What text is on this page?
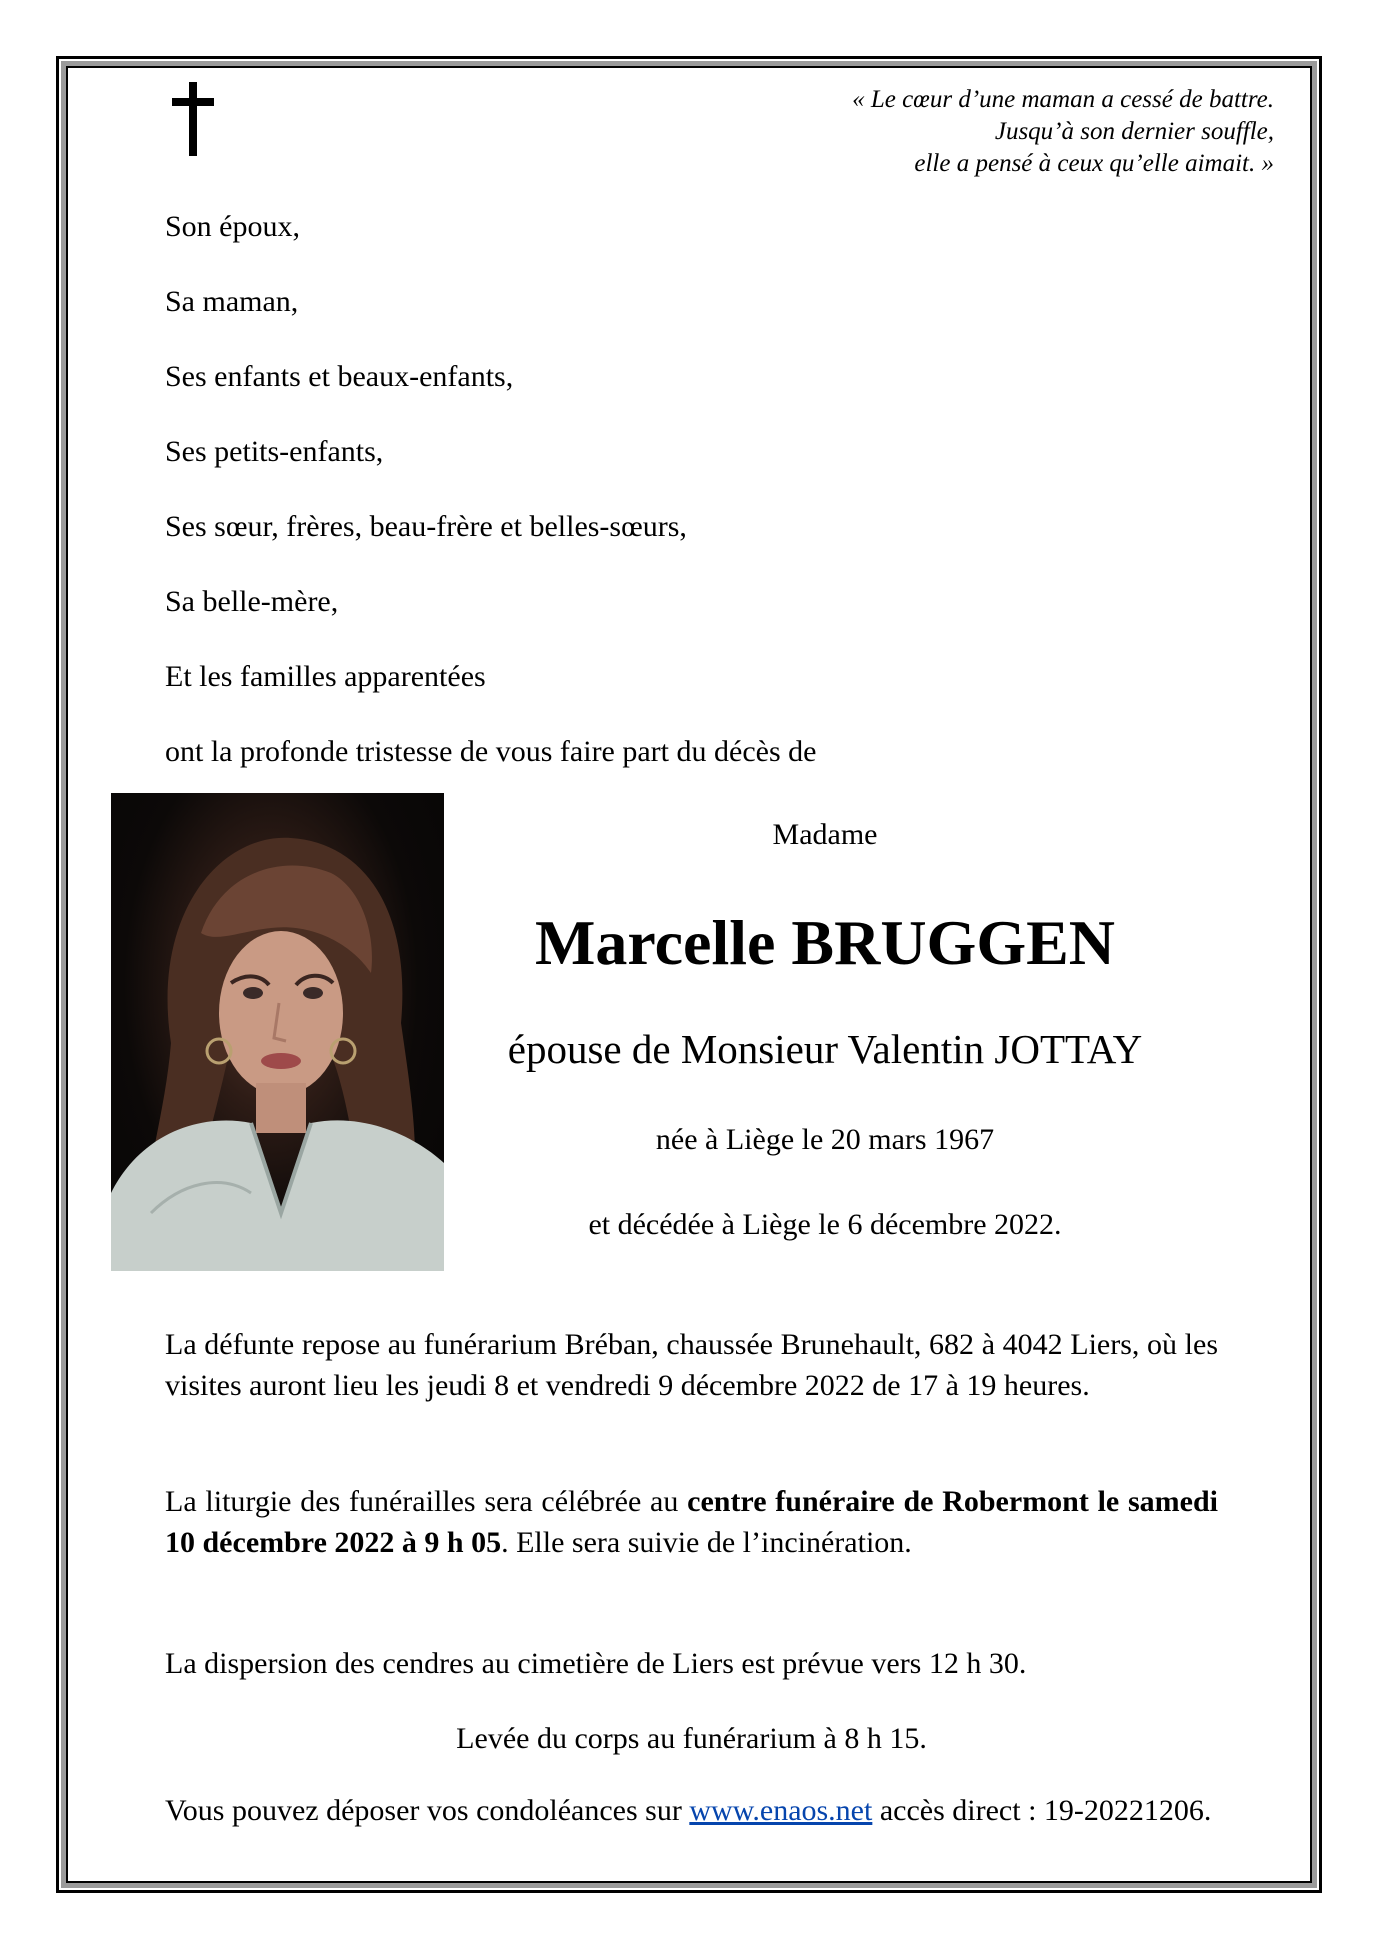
« Le cœur d’une maman a cessé de battre.
Jusqu’à son dernier souffle,
elle a pensé à ceux qu’elle aimait. »
Son époux,
Sa maman,
Ses enfants et beaux-enfants,
Ses petits-enfants,
Ses sœur, frères, beau-frère et belles-sœurs,
Sa belle-mère,
Et les familles apparentées
ont la profonde tristesse de vous faire part du décès de
Madame
Marcelle BRUGGEN
épouse de Monsieur Valentin JOTTAY
née à Liège le 20 mars 1967
et décédée à Liège le 6 décembre 2022.
La défunte repose au funérarium Bréban, chaussée Brunehault, 682 à 4042 Liers, où les visites auront lieu les jeudi 8 et vendredi 9 décembre 2022 de 17 à 19 heures.
La liturgie des funérailles sera célébrée au centre funéraire de Robermont le samedi 10 décembre 2022 à 9 h 05. Elle sera suivie de l’incinération.
La dispersion des cendres au cimetière de Liers est prévue vers 12 h 30.
Levée du corps au funérarium à 8 h 15.
Vous pouvez déposer vos condoléances sur www.enaos.net accès direct : 19-20221206.
